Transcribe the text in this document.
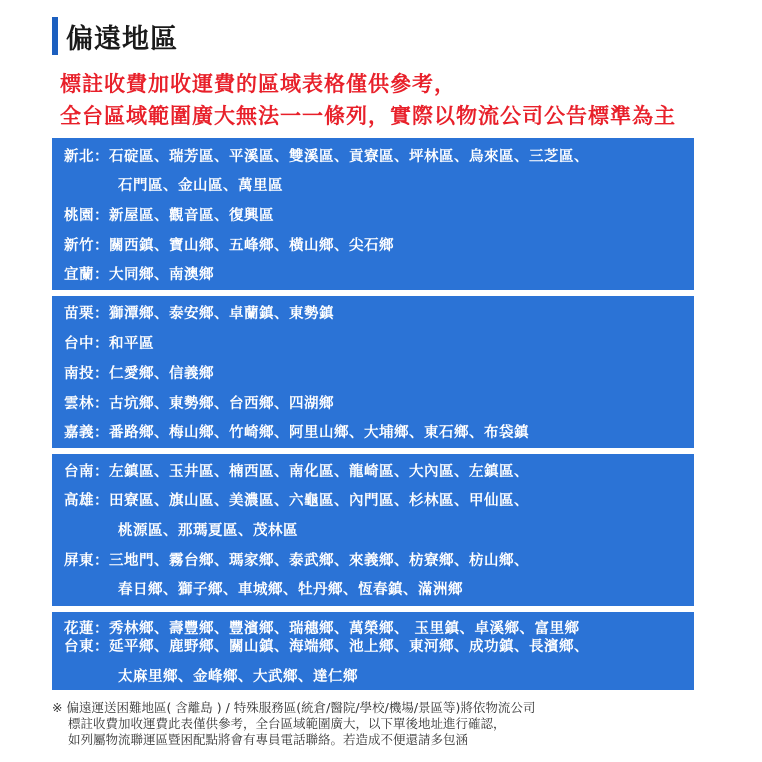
偏遠地區
標註收費加收運費的區域表格僅供參考，
全台區域範圍廣大無法一一條列，實際以物流公司公告標準為主
新北：石碇區、瑞芳區、平溪區、雙溪區、貢寮區、坪林區、烏來區、三芝區、
石門區、金山區、萬里區
桃園：新屋區、觀音區、復興區
新竹：關西鎮、寶山鄉、五峰鄉、橫山鄉、尖石鄉
宜蘭：大同鄉、南澳鄉
苗栗：獅潭鄉、泰安鄉、卓蘭鎮、東勢鎮
台中：和平區
南投：仁愛鄉、信義鄉
雲林：古坑鄉、東勢鄉、台西鄉、四湖鄉
嘉義：番路鄉、梅山鄉、竹崎鄉、阿里山鄉、大埔鄉、東石鄉、布袋鎮
台南：左鎮區、玉井區、楠西區、南化區、龍崎區、大內區、左鎮區、
高雄：田寮區、旗山區、美濃區、六龜區、內門區、杉林區、甲仙區、
桃源區、那瑪夏區、茂林區
屏東：三地門、霧台鄉、瑪家鄉、泰武鄉、來義鄉、枋寮鄉、枋山鄉、
春日鄉、獅子鄉、車城鄉、牡丹鄉、恆春鎮、滿洲鄉
花蓮：秀林鄉、壽豐鄉、豐濱鄉、瑞穗鄉、萬榮鄉、 玉里鎮、卓溪鄉、富里鄉
台東：延平鄉、鹿野鄉、關山鎮、海端鄉、池上鄉、東河鄉、成功鎮、長濱鄉、
太麻里鄉、金峰鄉、大武鄉、達仁鄉
※ 偏遠運送困難地區( 含離島 ) / 特殊服務區(統倉/醫院/學校/機場/景區等)將依物流公司
標註收費加收運費此表僅供參考，全台區域範圍廣大，以下單後地址進行確認，
如列屬物流聯運區暨困配點將會有專員電話聯絡。若造成不便還請多包涵
